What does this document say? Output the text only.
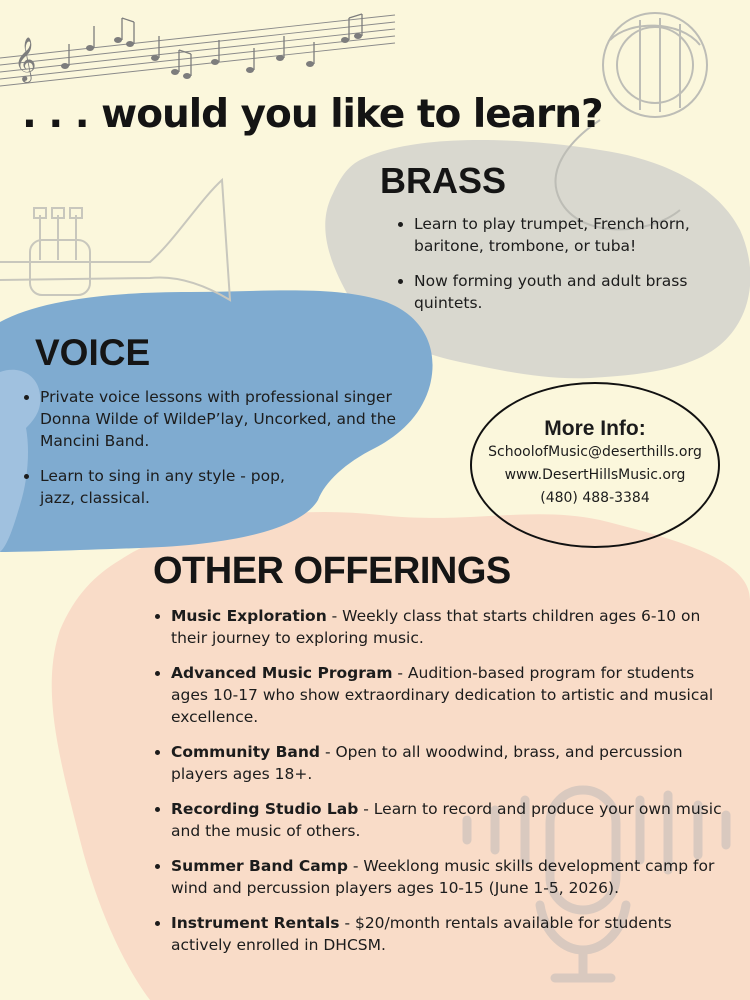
𝄞
. . . would you like to learn?
BRASS
• Learn to play trumpet, French horn, baritone, trombone, or tuba!
• Now forming youth and adult brass quintets.
VOICE
• Private voice lessons with professional singer Donna Wilde of WildeP’lay, Uncorked, and the Mancini Band.
• Learn to sing in any style - pop, jazz, classical.
More Info:
SchoolofMusic@deserthills.org
www.DesertHillsMusic.org
(480) 488-3384
OTHER OFFERINGS
• Music Exploration - Weekly class that starts children ages 6-10 on their journey to exploring music.
• Advanced Music Program - Audition-based program for students ages 10-17 who show extraordinary dedication to artistic and musical excellence.
• Community Band - Open to all woodwind, brass, and percussion players ages 18+.
• Recording Studio Lab - Learn to record and produce your own music and the music of others.
• Summer Band Camp - Weeklong music skills development camp for wind and percussion players ages 10-15 (June 1-5, 2026).
• Instrument Rentals - $20/month rentals available for students actively enrolled in DHCSM.
